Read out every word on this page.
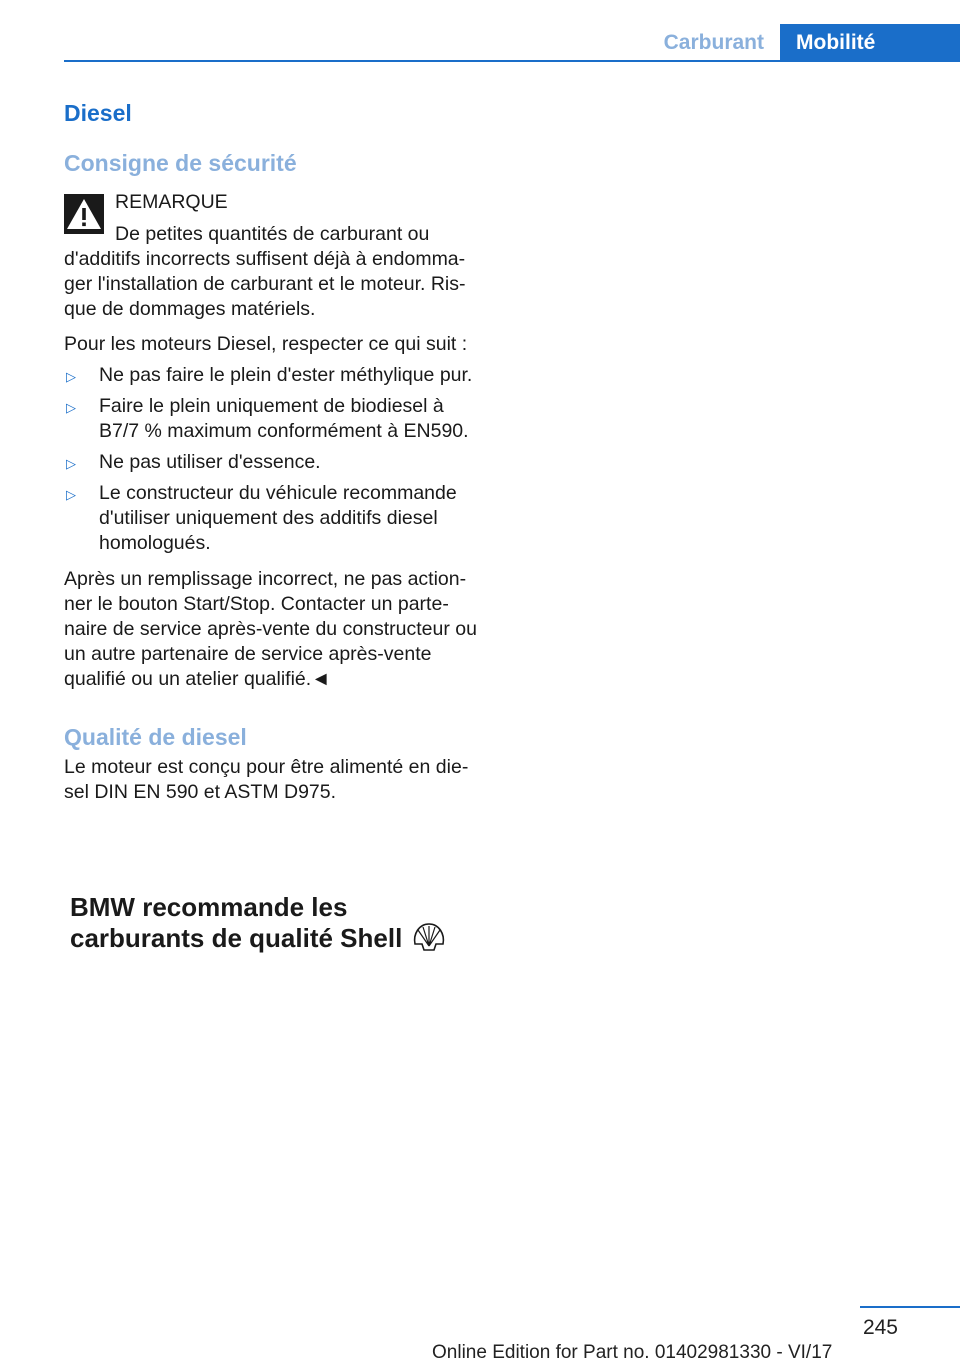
Carburant	Mobilité
Diesel
Consigne de sécurité

REMARQUE

De petites quantités de carburant ou d'additifs incorrects suffisent déjà à endomma-ger l'installation de carburant et le moteur. Ris-que de dommages matériels.

Pour les moteurs Diesel, respecter ce qui suit :

▷ Ne pas faire le plein d'ester méthylique pur.
▷ Faire le plein uniquement de biodiesel à B7/7 % maximum conformément à EN590.
▷ Ne pas utiliser d'essence.
▷ Le constructeur du véhicule recommande d'utiliser uniquement des additifs diesel homologués.

Après un remplissage incorrect, ne pas action-ner le bouton Start/Stop. Contacter un parte-naire de service après-vente du constructeur ou un autre partenaire de service après-vente qualifié ou un atelier qualifié.◄

Qualité de diesel

Le moteur est conçu pour être alimenté en die-sel DIN EN 590 et ASTM D975.

BMW recommande les
carburants de qualité Shell
245
Online Edition for Part no. 01402981330 - VI/17
